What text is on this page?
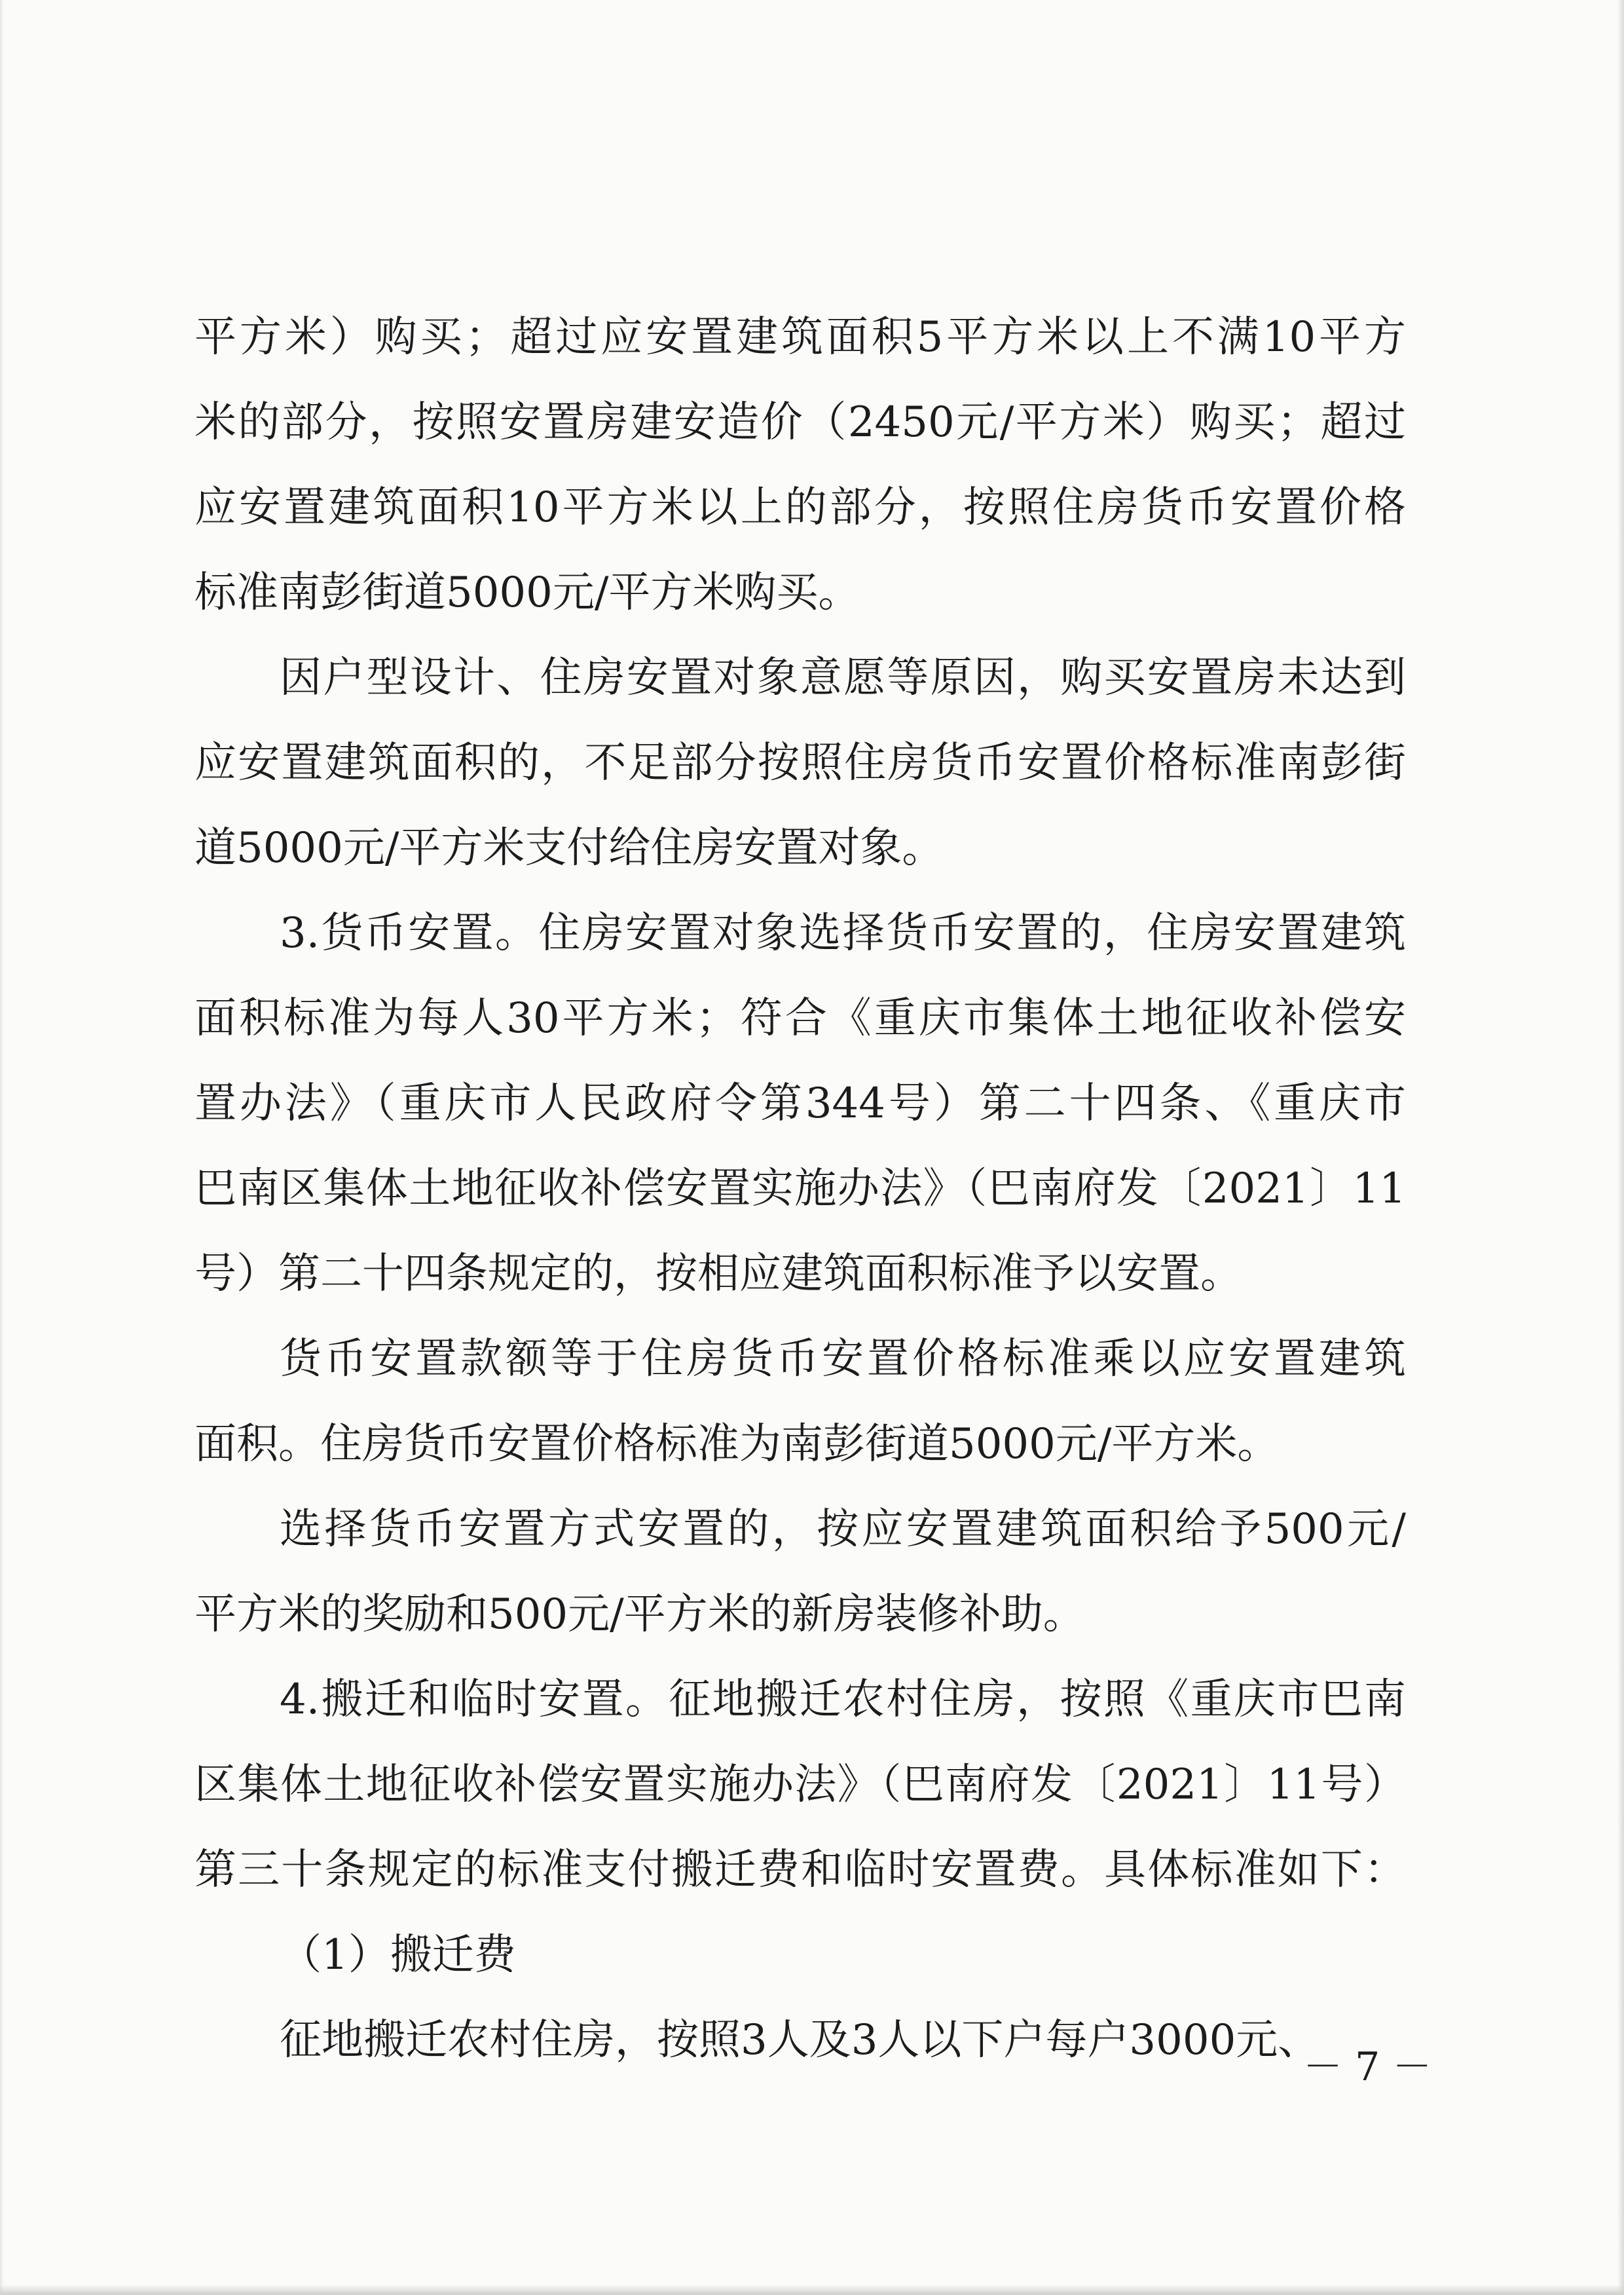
平方米）购买；超过应安置建筑面积5平方米以上不满10平方
米的部分，按照安置房建安造价（2450元/平方米）购买；超过
应安置建筑面积10平方米以上的部分，按照住房货币安置价格
标准南彭街道5000元/平方米购买。
因户型设计、住房安置对象意愿等原因，购买安置房未达到
应安置建筑面积的，不足部分按照住房货币安置价格标准南彭街
道5000元/平方米支付给住房安置对象。
3.货币安置。住房安置对象选择货币安置的，住房安置建筑
面积标准为每人30平方米；符合《重庆市集体土地征收补偿安
置办法》（重庆市人民政府令第344号）第二十四条、《重庆市
巴南区集体土地征收补偿安置实施办法》（巴南府发〔2021〕11
号）第二十四条规定的，按相应建筑面积标准予以安置。
货币安置款额等于住房货币安置价格标准乘以应安置建筑
面积。住房货币安置价格标准为南彭街道5000元/平方米。
选择货币安置方式安置的，按应安置建筑面积给予500元/
平方米的奖励和500元/平方米的新房装修补助。
4.搬迁和临时安置。征地搬迁农村住房，按照《重庆市巴南
区集体土地征收补偿安置实施办法》（巴南府发〔2021〕11号）
第三十条规定的标准支付搬迁费和临时安置费。具体标准如下：
（1）搬迁费
征地搬迁农村住房，按照3人及3人以下户每户3000元、
－ 7 －
